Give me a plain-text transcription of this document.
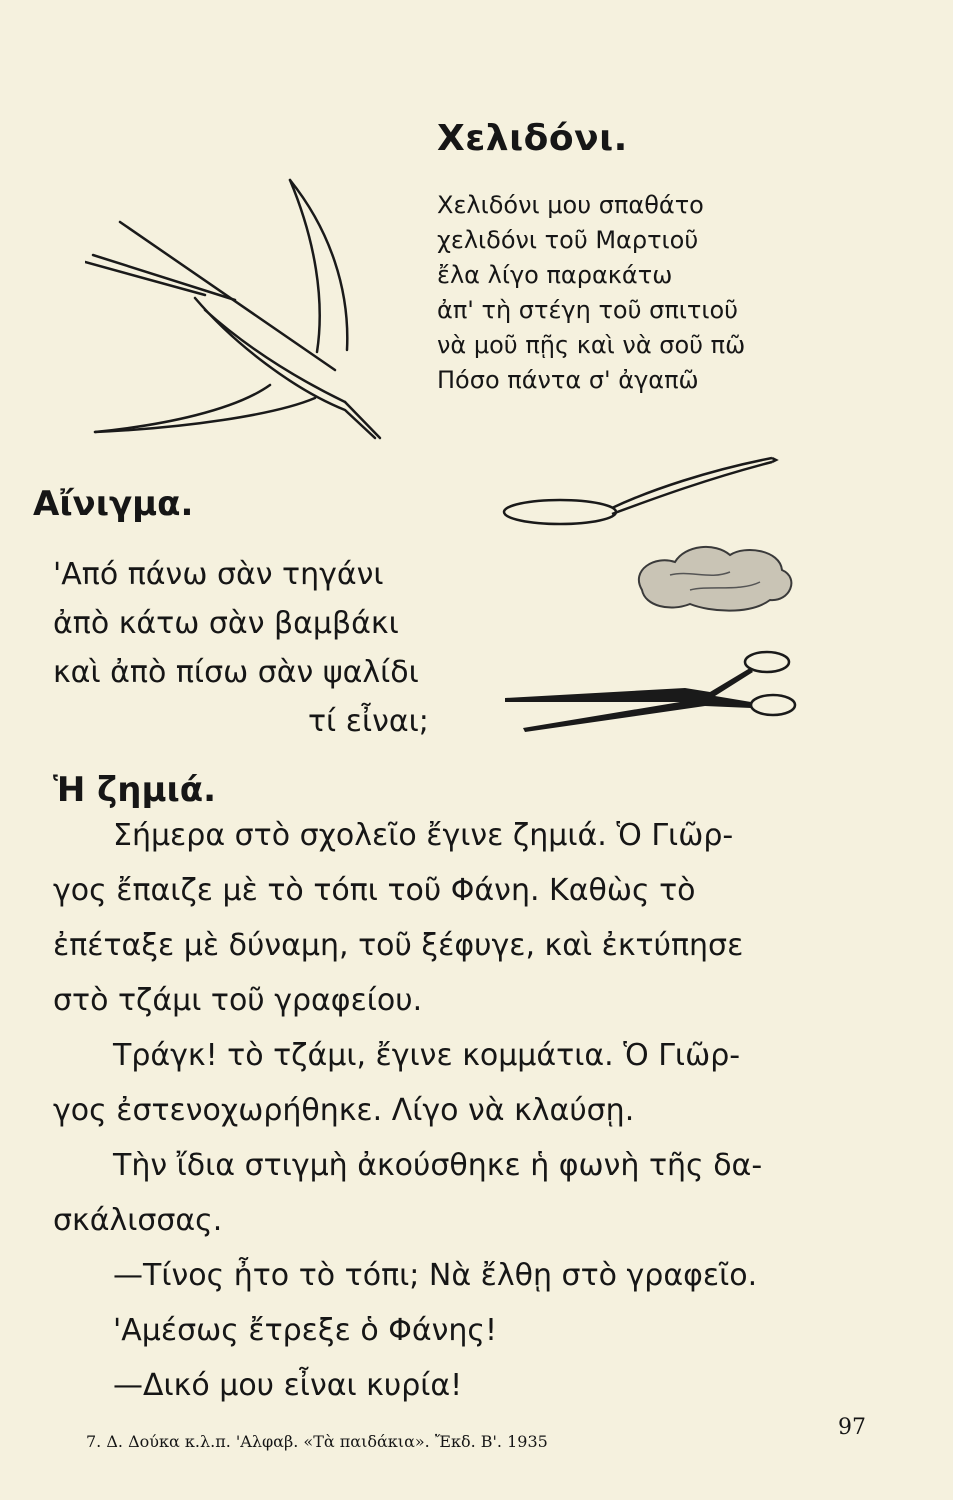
Χελιδόνι.
Χελιδόνι μου σπαθάτο
χελιδόνι τοῦ Μαρτιοῦ
ἔλα λίγο παρακάτω
ἀπ' τὴ στέγη τοῦ σπιτιοῦ
νὰ μοῦ πῇς καὶ νὰ σοῦ πῶ
Πόσο πάντα σ' ἀγαπῶ
Αἴνιγμα.
'Από πάνω σὰν τηγάνι
ἀπὸ κάτω σὰν βαμβάκι
καὶ ἀπὸ πίσω σὰν ψαλίδι
τί εἶναι;
Ἡ ζημιά.
Σήμερα στὸ σχολεῖο ἔγινε ζημιά. Ὁ Γιῶρ-
γος ἔπαιζε μὲ τὸ τόπι τοῦ Φάνη. Καθὼς τὸ
ἐπέταξε μὲ δύναμη, τοῦ ξέφυγε, καὶ ἐκτύπησε
στὸ τζάμι τοῦ γραφείου.
Τράγκ! τὸ τζάμι, ἔγινε κομμάτια. Ὁ Γιῶρ-
γος ἐστενοχωρήθηκε. Λίγο νὰ κλαύσῃ.
Τὴν ἴδια στιγμὴ ἀκούσθηκε ἡ φωνὴ τῆς δα-
σκάλισσας.
—Τίνος ἦτο τὸ τόπι; Νὰ ἔλθῃ στὸ γραφεῖο.
'Αμέσως ἔτρεξε ὁ Φάνης!
—Δικό μου εἶναι κυρία!
7. Δ. Δούκα κ.λ.π. 'Αλφαβ. «Τὰ παιδάκια». Ἔκδ. Β'. 1935
97
